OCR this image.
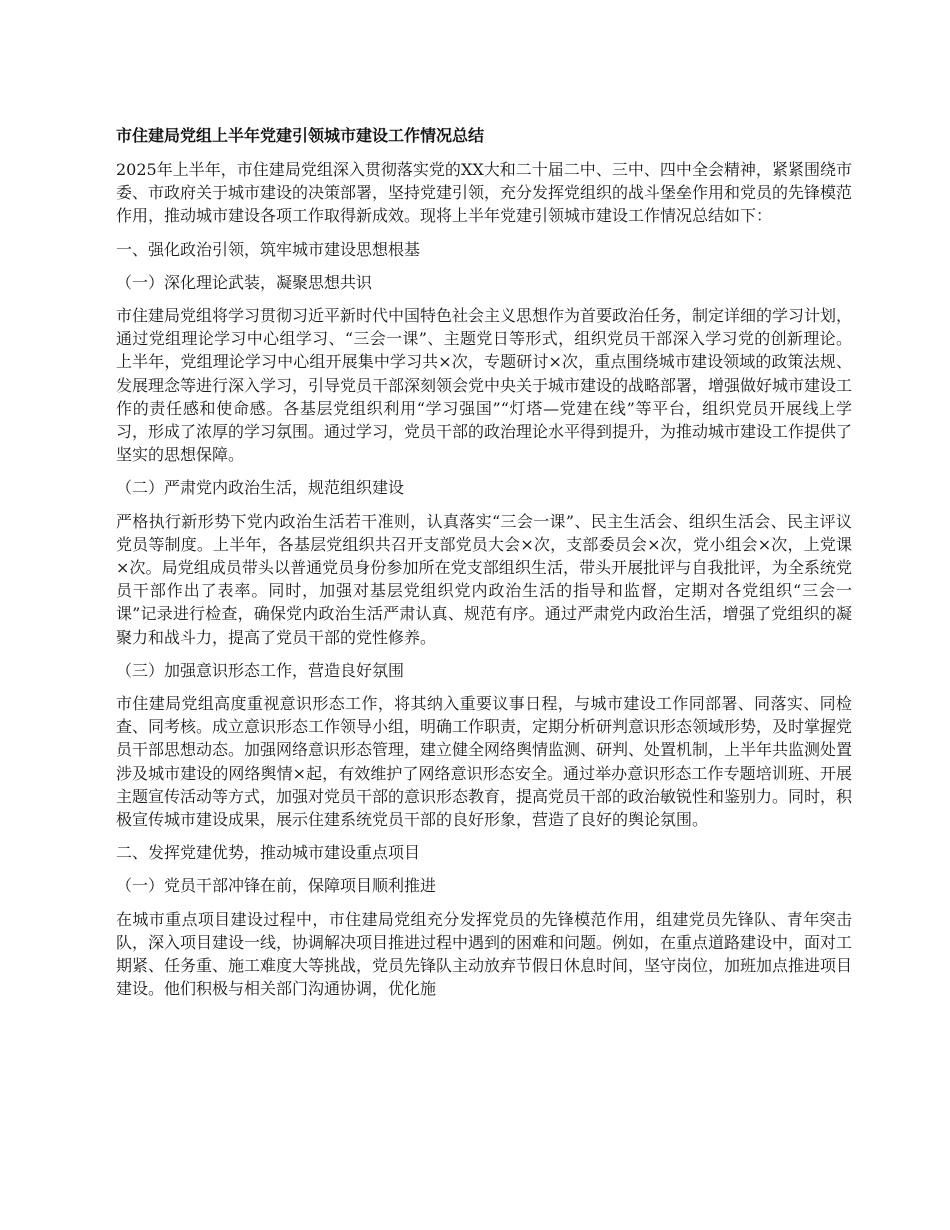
市住建局党组上半年党建引领城市建设工作情况总结

2025年上半年，市住建局党组深入贯彻落实党的XX大和二十届二中、三中、四中全会精神，紧紧围绕市委、市政府关于城市建设的决策部署，坚持党建引领，充分发挥党组织的战斗堡垒作用和党员的先锋模范作用，推动城市建设各项工作取得新成效。现将上半年党建引领城市建设工作情况总结如下：

一、强化政治引领，筑牢城市建设思想根基
（一）深化理论武装，凝聚思想共识

市住建局党组将学习贯彻习近平新时代中国特色社会主义思想作为首要政治任务，制定详细的学习计划，通过党组理论学习中心组学习、“三会一课”、主题党日等形式，组织党员干部深入学习党的创新理论。上半年，党组理论学习中心组开展集中学习共×次，专题研讨×次，重点围绕城市建设领域的政策法规、发展理念等进行深入学习，引导党员干部深刻领会党中央关于城市建设的战略部署，增强做好城市建设工作的责任感和使命感。各基层党组织利用“学习强国”“灯塔—党建在线”等平台，组织党员开展线上学习，形成了浓厚的学习氛围。通过学习，党员干部的政治理论水平得到提升，为推动城市建设工作提供了坚实的思想保障。

（二）严肃党内政治生活，规范组织建设

严格执行新形势下党内政治生活若干准则，认真落实“三会一课”、民主生活会、组织生活会、民主评议党员等制度。上半年，各基层党组织共召开支部党员大会×次，支部委员会×次，党小组会×次，上党课×次。局党组成员带头以普通党员身份参加所在党支部组织生活，带头开展批评与自我批评，为全系统党员干部作出了表率。同时，加强对基层党组织党内政治生活的指导和监督，定期对各党组织“三会一课”记录进行检查，确保党内政治生活严肃认真、规范有序。通过严肃党内政治生活，增强了党组织的凝聚力和战斗力，提高了党员干部的党性修养。

（三）加强意识形态工作，营造良好氛围

市住建局党组高度重视意识形态工作，将其纳入重要议事日程，与城市建设工作同部署、同落实、同检查、同考核。成立意识形态工作领导小组，明确工作职责，定期分析研判意识形态领域形势，及时掌握党员干部思想动态。加强网络意识形态管理，建立健全网络舆情监测、研判、处置机制，上半年共监测处置涉及城市建设的网络舆情×起，有效维护了网络意识形态安全。通过举办意识形态工作专题培训班、开展主题宣传活动等方式，加强对党员干部的意识形态教育，提高党员干部的政治敏锐性和鉴别力。同时，积极宣传城市建设成果，展示住建系统党员干部的良好形象，营造了良好的舆论氛围。

二、发挥党建优势，推动城市建设重点项目
（一）党员干部冲锋在前，保障项目顺利推进

在城市重点项目建设过程中，市住建局党组充分发挥党员的先锋模范作用，组建党员先锋队、青年突击队，深入项目建设一线，协调解决项目推进过程中遇到的困难和问题。例如，在重点道路建设中，面对工期紧、任务重、施工难度大等挑战，党员先锋队主动放弃节假日休息时间，坚守岗位，加班加点推进项目建设。他们积极与相关部门沟通协调，优化施
